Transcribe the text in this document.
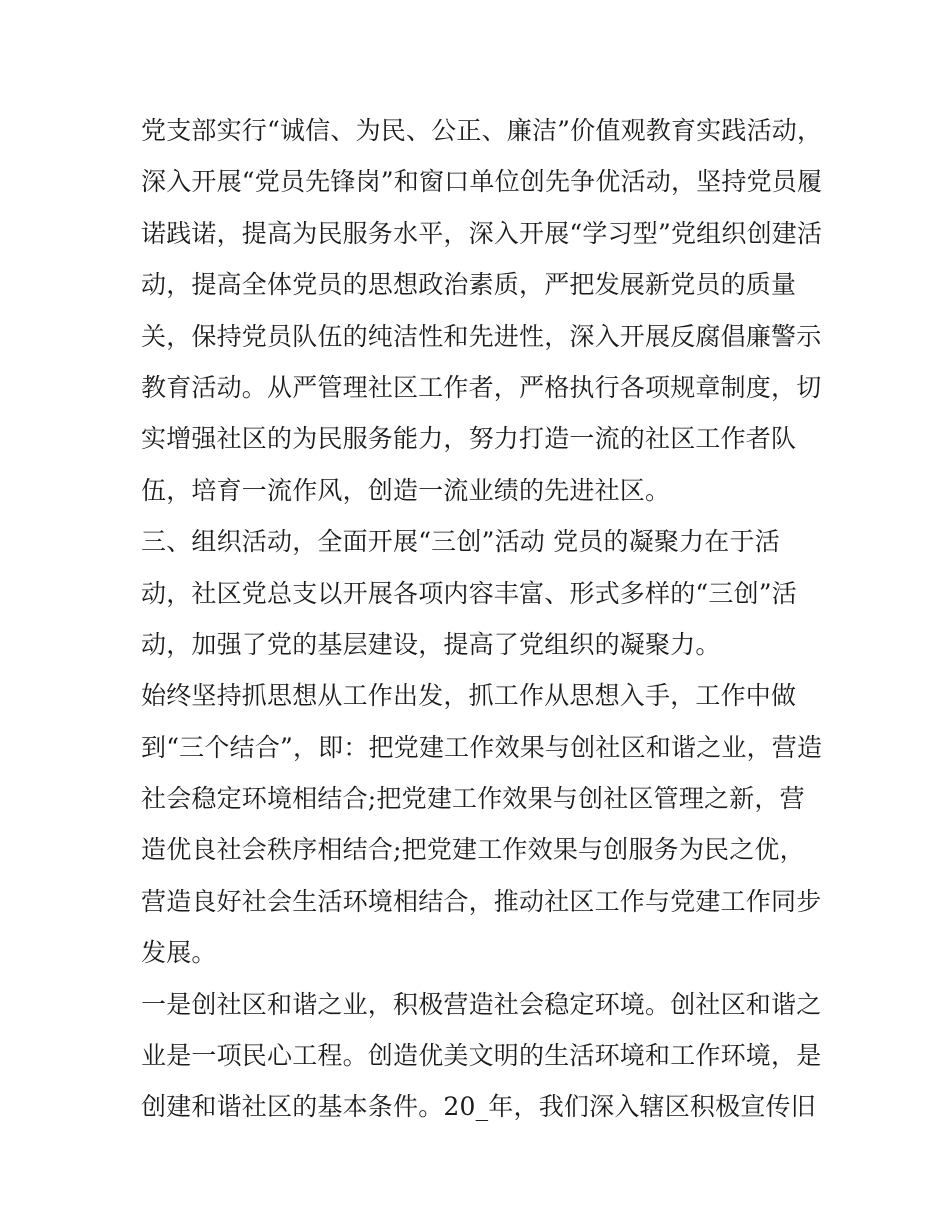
党支部实行“诚信、为民、公正、廉洁”价值观教育实践活动，
深入开展“党员先锋岗”和窗口单位创先争优活动，坚持党员履
诺践诺，提高为民服务水平，深入开展“学习型”党组织创建活
动，提高全体党员的思想政治素质，严把发展新党员的质量
关，保持党员队伍的纯洁性和先进性，深入开展反腐倡廉警示
教育活动。从严管理社区工作者，严格执行各项规章制度，切
实增强社区的为民服务能力，努力打造一流的社区工作者队
伍，培育一流作风，创造一流业绩的先进社区。
三、组织活动，全面开展“三创”活动 党员的凝聚力在于活
动，社区党总支以开展各项内容丰富、形式多样的“三创”活
动，加强了党的基层建设，提高了党组织的凝聚力。
始终坚持抓思想从工作出发，抓工作从思想入手，工作中做
到“三个结合”，即：把党建工作效果与创社区和谐之业，营造
社会稳定环境相结合;把党建工作效果与创社区管理之新，营
造优良社会秩序相结合;把党建工作效果与创服务为民之优，
营造良好社会生活环境相结合，推动社区工作与党建工作同步
发展。
一是创社区和谐之业，积极营造社会稳定环境。创社区和谐之
业是一项民心工程。创造优美文明的生活环境和工作环境，是
创建和谐社区的基本条件。20_年，我们深入辖区积极宣传旧
